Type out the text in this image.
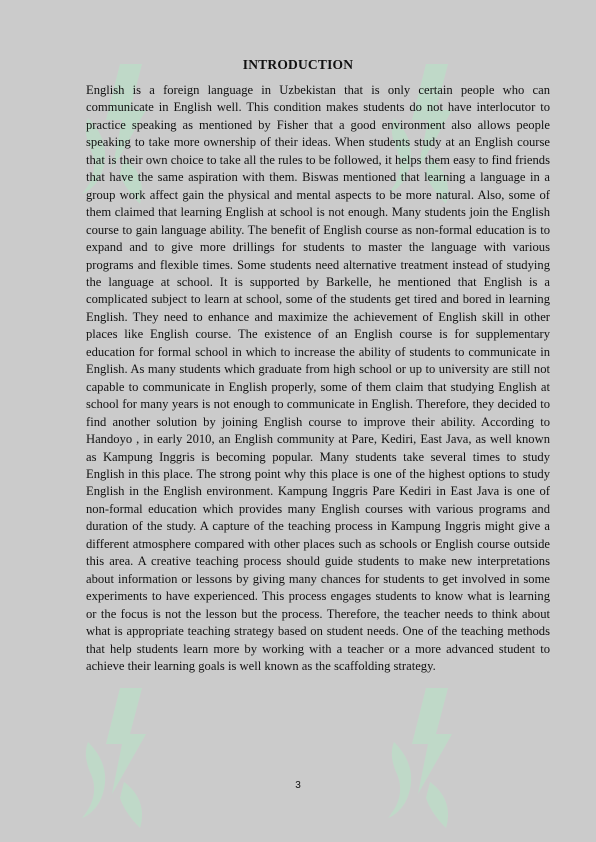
INTRODUCTION

English is a foreign language in Uzbekistan that is only certain people who can communicate in English well. This condition makes students do not have interlocutor to practice speaking as mentioned by Fisher that a good environment also allows people speaking to take more ownership of their ideas. When students study at an English course that is their own choice to take all the rules to be followed, it helps them easy to find friends that have the same aspiration with them. Biswas mentioned that learning a language in a group work affect gain the physical and mental aspects to be more natural. Also, some of them claimed that learning English at school is not enough. Many students join the English course to gain language ability. The benefit of English course as non-formal education is to expand and to give more drillings for students to master the language with various programs and flexible times. Some students need alternative treatment instead of studying the language at school. It is supported by Barkelle, he mentioned that English is a complicated subject to learn at school, some of the students get tired and bored in learning English. They need to enhance and maximize the achievement of English skill in other places like English course. The existence of an English course is for supplementary education for formal school in which to increase the ability of students to communicate in English. As many students which graduate from high school or up to university are still not capable to communicate in English properly, some of them claim that studying English at school for many years is not enough to communicate in English. Therefore, they decided to find another solution by joining English course to improve their ability. According to Handoyo , in early 2010, an English community at Pare, Kediri, East Java, as well known as Kampung Inggris is becoming popular. Many students take several times to study English in this place. The strong point why this place is one of the highest options to study English in the English environment. Kampung Inggris Pare Kediri in East Java is one of non-formal education which provides many English courses with various programs and duration of the study. A capture of the teaching process in Kampung Inggris might give a different atmosphere compared with other places such as schools or English course outside this area. A creative teaching process should guide students to make new interpretations about information or lessons by giving many chances for students to get involved in some experiments to have experienced. This process engages students to know what is learning or the focus is not the lesson but the process. Therefore, the teacher needs to think about what is appropriate teaching strategy based on student needs. One of the teaching methods that help students learn more by working with a teacher or a more advanced student to achieve their learning goals is well known as the scaffolding strategy.

3
